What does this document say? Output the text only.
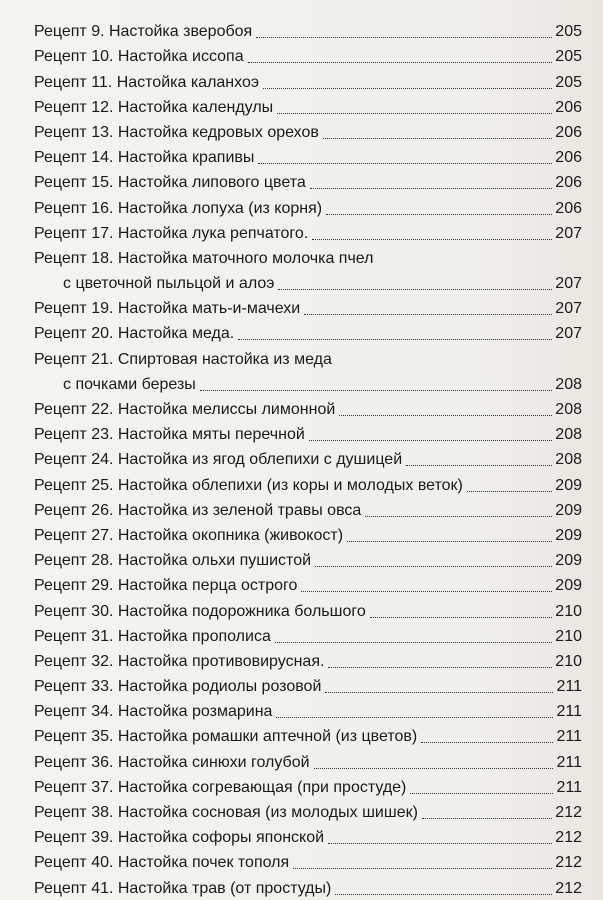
Рецепт 9. Настойка зверобоя	205
Рецепт 10. Настойка иссопа	205
Рецепт 11. Настойка каланхоэ	205
Рецепт 12. Настойка календулы	206
Рецепт 13. Настойка кедровых орехов	206
Рецепт 14. Настойка крапивы	206
Рецепт 15. Настойка липового цвета	206
Рецепт 16. Настойка лопуха (из корня)	206
Рецепт 17. Настойка лука репчатого.	207
Рецепт 18. Настойка маточного молочка пчел
с цветочной пыльцой и алоэ	207
Рецепт 19. Настойка мать-и-мачехи	207
Рецепт 20. Настойка меда.	207
Рецепт 21. Спиртовая настойка из меда
с почками березы	208
Рецепт 22. Настойка мелиссы лимонной	208
Рецепт 23. Настойка мяты перечной	208
Рецепт 24. Настойка из ягод облепихи с душицей	208
Рецепт 25. Настойка облепихи (из коры и молодых веток)	209
Рецепт 26. Настойка из зеленой травы овса	209
Рецепт 27. Настойка окопника (живокост)	209
Рецепт 28. Настойка ольхи пушистой	209
Рецепт 29. Настойка перца острого	209
Рецепт 30. Настойка подорожника большого	210
Рецепт 31. Настойка прополиса	210
Рецепт 32. Настойка противовирусная.	210
Рецепт 33. Настойка родиолы розовой	211
Рецепт 34. Настойка розмарина	211
Рецепт 35. Настойка ромашки аптечной (из цветов)	211
Рецепт 36. Настойка синюхи голубой	211
Рецепт 37. Настойка согревающая (при простуде)	211
Рецепт 38. Настойка сосновая (из молодых шишек)	212
Рецепт 39. Настойка софоры японской	212
Рецепт 40. Настойка почек тополя	212
Рецепт 41. Настойка трав (от простуды)	212
